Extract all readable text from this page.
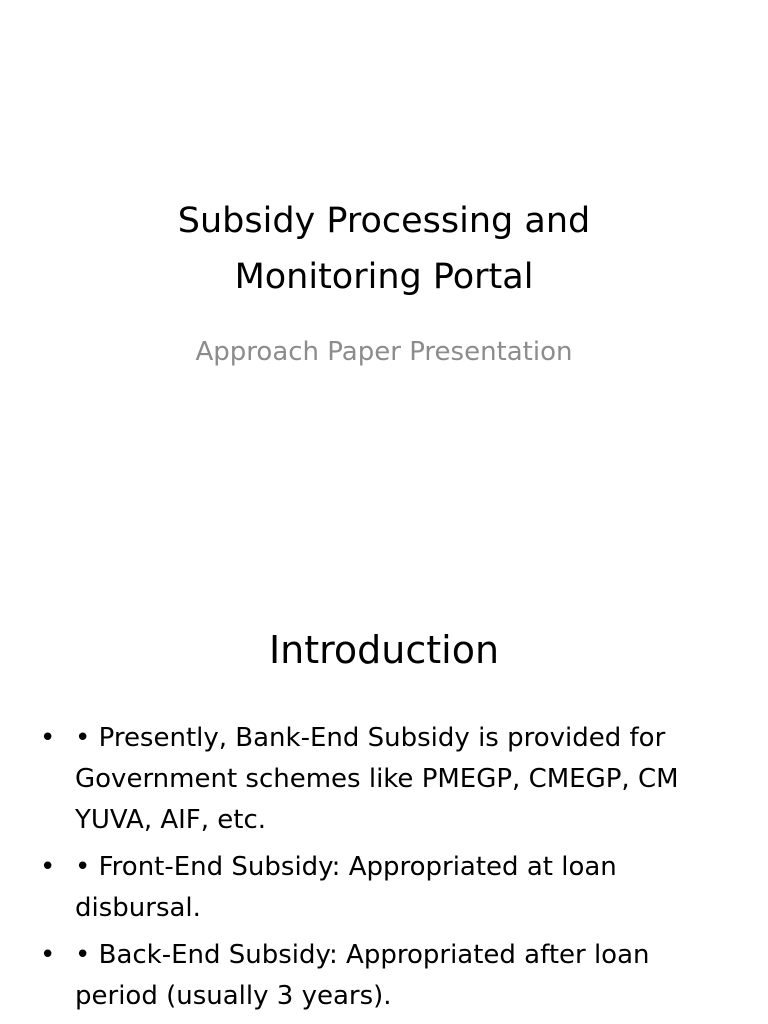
Subsidy Processing and
Monitoring Portal

Approach Paper Presentation

Introduction
• • Presently, Bank-End Subsidy is provided for Government schemes like PMEGP, CMEGP, CM YUVA, AIF, etc.
• • Front-End Subsidy: Appropriated at loan disbursal.
• • Back-End Subsidy: Appropriated after loan period (usually 3 years).
